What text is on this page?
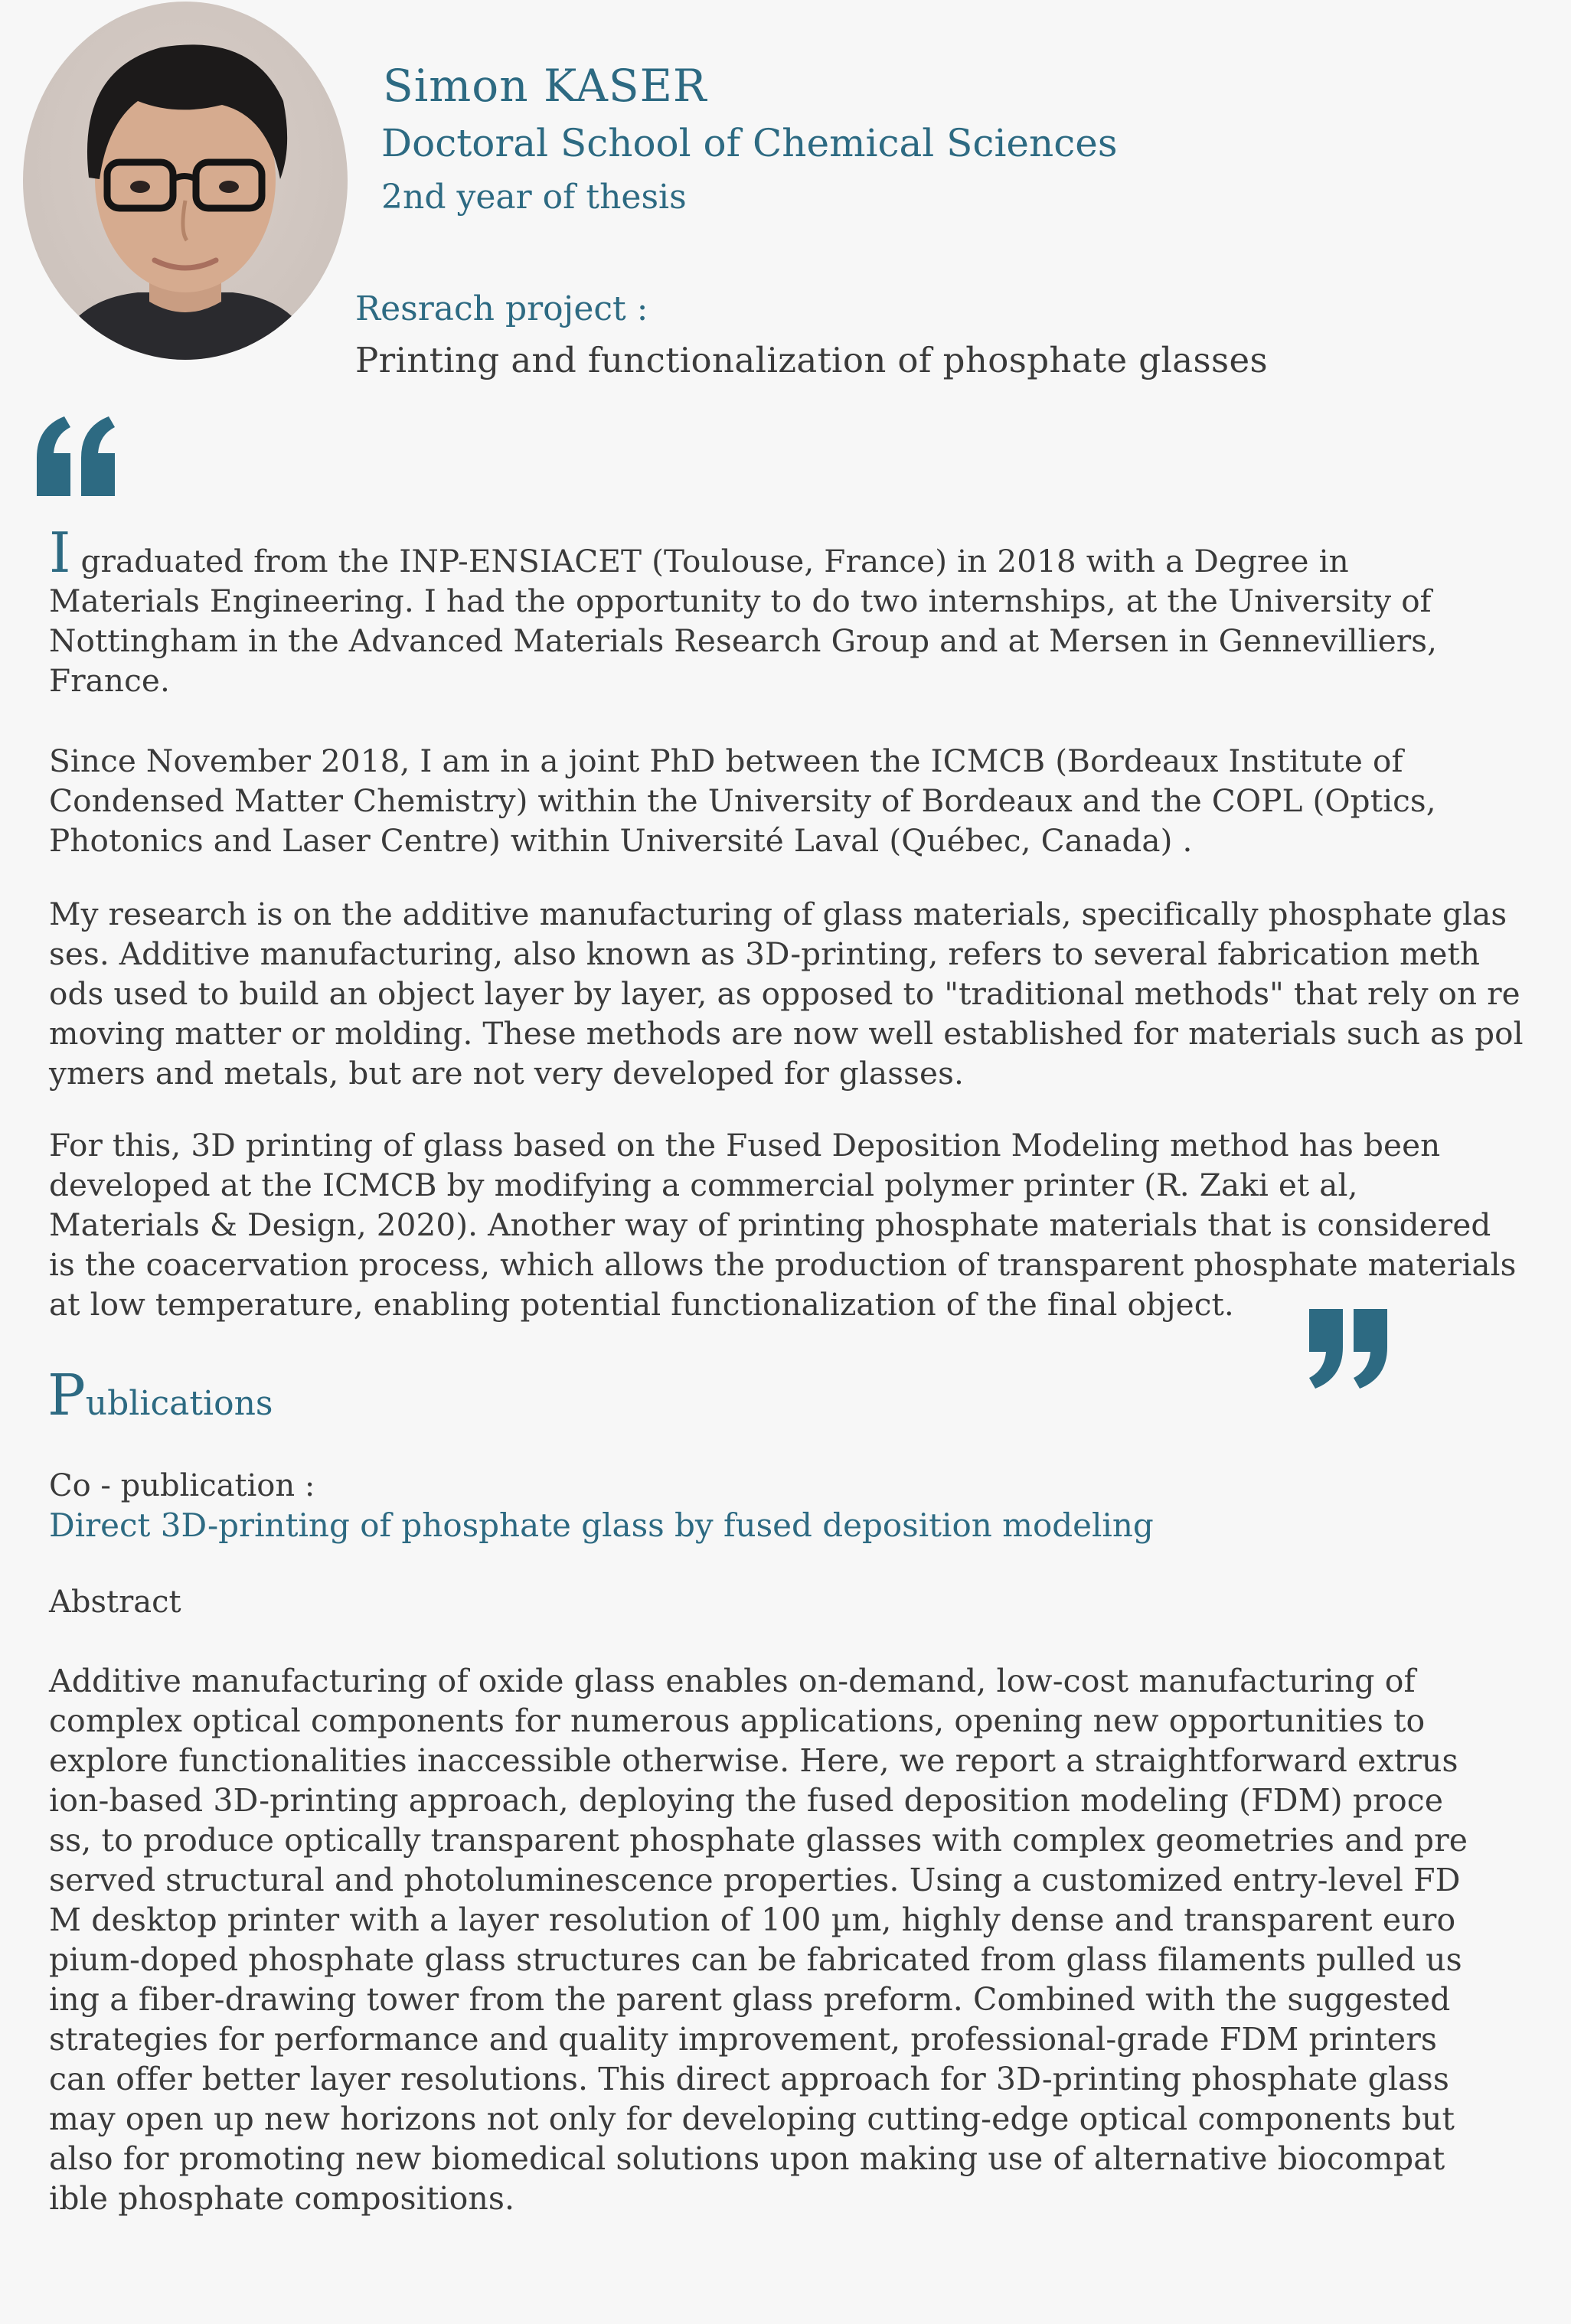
Simon KASER
Doctoral School of Chemical Sciences
2nd year of thesis
Resrach project :
Printing and functionalization of phosphate glasses
I graduated from the INP-ENSIACET (Toulouse, France) in 2018 with a Degree in
Materials Engineering. I had the opportunity to do two internships, at the University of
Nottingham in the Advanced Materials Research Group and at Mersen in Gennevilliers,
France.
Since November 2018, I am in a joint PhD between the ICMCB (Bordeaux Institute of
Condensed Matter Chemistry) within the University of Bordeaux and the COPL (Optics,
Photonics and Laser Centre) within Université Laval (Québec, Canada) .
My research is on the additive manufacturing of glass materials, specifically phosphate glas
ses. Additive manufacturing, also known as 3D-printing, refers to several fabrication meth
ods used to build an object layer by layer, as opposed to "traditional methods" that rely on re
moving matter or molding. These methods are now well established for materials such as pol
ymers and metals, but are not very developed for glasses.
For this, 3D printing of glass based on the Fused Deposition Modeling method has been
developed at the ICMCB by modifying a commercial polymer printer (R. Zaki et al,
Materials & Design, 2020). Another way of printing phosphate materials that is considered
is the coacervation process, which allows the production of transparent phosphate materials
at low temperature, enabling potential functionalization of the final object.
Publications
Co - publication :
Direct 3D-printing of phosphate glass by fused deposition modeling
Abstract
Additive manufacturing of oxide glass enables on-demand, low-cost manufacturing of
complex optical components for numerous applications, opening new opportunities to
explore functionalities inaccessible otherwise. Here, we report a straightforward extrus
ion-based 3D-printing approach, deploying the fused deposition modeling (FDM) proce
ss, to produce optically transparent phosphate glasses with complex geometries and pre
served structural and photoluminescence properties. Using a customized entry-level FD
M desktop printer with a layer resolution of 100 µm, highly dense and transparent euro
pium-doped phosphate glass structures can be fabricated from glass filaments pulled us
ing a fiber-drawing tower from the parent glass preform. Combined with the suggested
strategies for performance and quality improvement, professional-grade FDM printers
can offer better layer resolutions. This direct approach for 3D-printing phosphate glass
may open up new horizons not only for developing cutting-edge optical components but
also for promoting new biomedical solutions upon making use of alternative biocompat
ible phosphate compositions.
